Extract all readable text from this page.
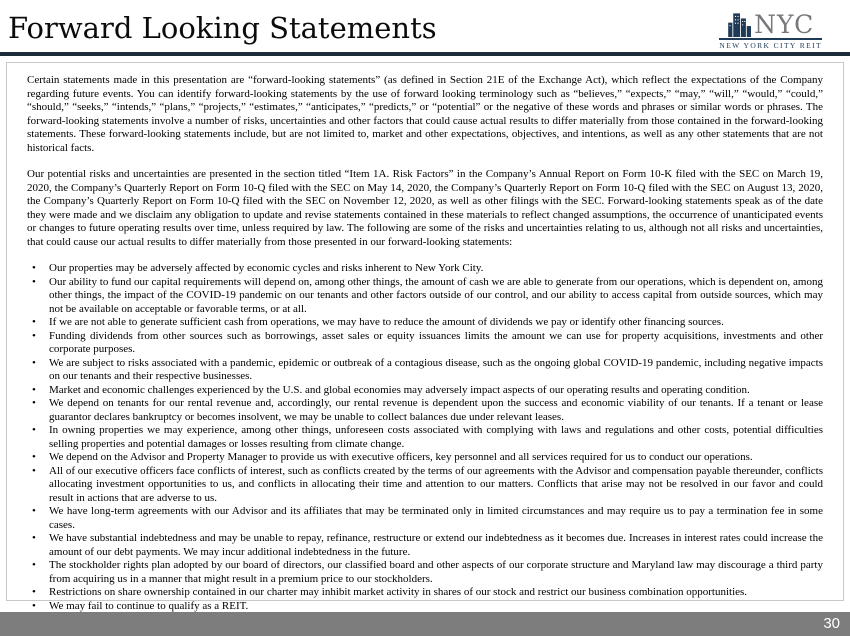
Forward Looking Statements	NYC
NEW YORK CITY REIT

Certain statements made in this presentation are “forward-looking statements” (as defined in Section 21E of the Exchange Act), which reflect the expectations of the Company regarding future events. You can identify forward-looking statements by the use of forward looking terminology such as “believes,” “expects,” “may,” “will,” “would,” “could,” “should,” “seeks,” “intends,” “plans,” “projects,” “estimates,” “anticipates,” “predicts,” or “potential” or the negative of these words and phrases or similar words or phrases. The forward-looking statements involve a number of risks, uncertainties and other factors that could cause actual results to differ materially from those contained in the forward-looking statements. These forward-looking statements include, but are not limited to, market and other expectations, objectives, and intentions, as well as any other statements that are not historical facts.

Our potential risks and uncertainties are presented in the section titled “Item 1A. Risk Factors” in the Company’s Annual Report on Form 10-K filed with the SEC on March 19, 2020, the Company’s Quarterly Report on Form 10-Q filed with the SEC on May 14, 2020, the Company’s Quarterly Report on Form 10-Q filed with the SEC on August 13, 2020, the Company’s Quarterly Report on Form 10-Q filed with the SEC on November 12, 2020, as well as other filings with the SEC. Forward-looking statements speak as of the date they were made and we disclaim any obligation to update and revise statements contained in these materials to reflect changed assumptions, the occurrence of unanticipated events or changes to future operating results over time, unless required by law. The following are some of the risks and uncertainties relating to us, although not all risks and uncertainties, that could cause our actual results to differ materially from those presented in our forward-looking statements:

• Our properties may be adversely affected by economic cycles and risks inherent to New York City.
• Our ability to fund our capital requirements will depend on, among other things, the amount of cash we are able to generate from our operations, which is dependent on, among other things, the impact of the COVID-19 pandemic on our tenants and other factors outside of our control, and our ability to access capital from outside sources, which may not be available on acceptable or favorable terms, or at all.
• If we are not able to generate sufficient cash from operations, we may have to reduce the amount of dividends we pay or identify other financing sources.
• Funding dividends from other sources such as borrowings, asset sales or equity issuances limits the amount we can use for property acquisitions, investments and other corporate purposes.
• We are subject to risks associated with a pandemic, epidemic or outbreak of a contagious disease, such as the ongoing global COVID-19 pandemic, including negative impacts on our tenants and their respective businesses.
• Market and economic challenges experienced by the U.S. and global economies may adversely impact aspects of our operating results and operating condition.
• We depend on tenants for our rental revenue and, accordingly, our rental revenue is dependent upon the success and economic viability of our tenants. If a tenant or lease guarantor declares bankruptcy or becomes insolvent, we may be unable to collect balances due under relevant leases.
• In owning properties we may experience, among other things, unforeseen costs associated with complying with laws and regulations and other costs, potential difficulties selling properties and potential damages or losses resulting from climate change.
• We depend on the Advisor and Property Manager to provide us with executive officers, key personnel and all services required for us to conduct our operations.
• All of our executive officers face conflicts of interest, such as conflicts created by the terms of our agreements with the Advisor and compensation payable thereunder, conflicts allocating investment opportunities to us, and conflicts in allocating their time and attention to our matters. Conflicts that arise may not be resolved in our favor and could result in actions that are adverse to us.
• We have long-term agreements with our Advisor and its affiliates that may be terminated only in limited circumstances and may require us to pay a termination fee in some cases.
• We have substantial indebtedness and may be unable to repay, refinance, restructure or extend our indebtedness as it becomes due. Increases in interest rates could increase the amount of our debt payments. We may incur additional indebtedness in the future.
• The stockholder rights plan adopted by our board of directors, our classified board and other aspects of our corporate structure and Maryland law may discourage a third party from acquiring us in a manner that might result in a premium price to our stockholders.
• Restrictions on share ownership contained in our charter may inhibit market activity in shares of our stock and restrict our business combination opportunities.
• We may fail to continue to qualify as a REIT.
30
